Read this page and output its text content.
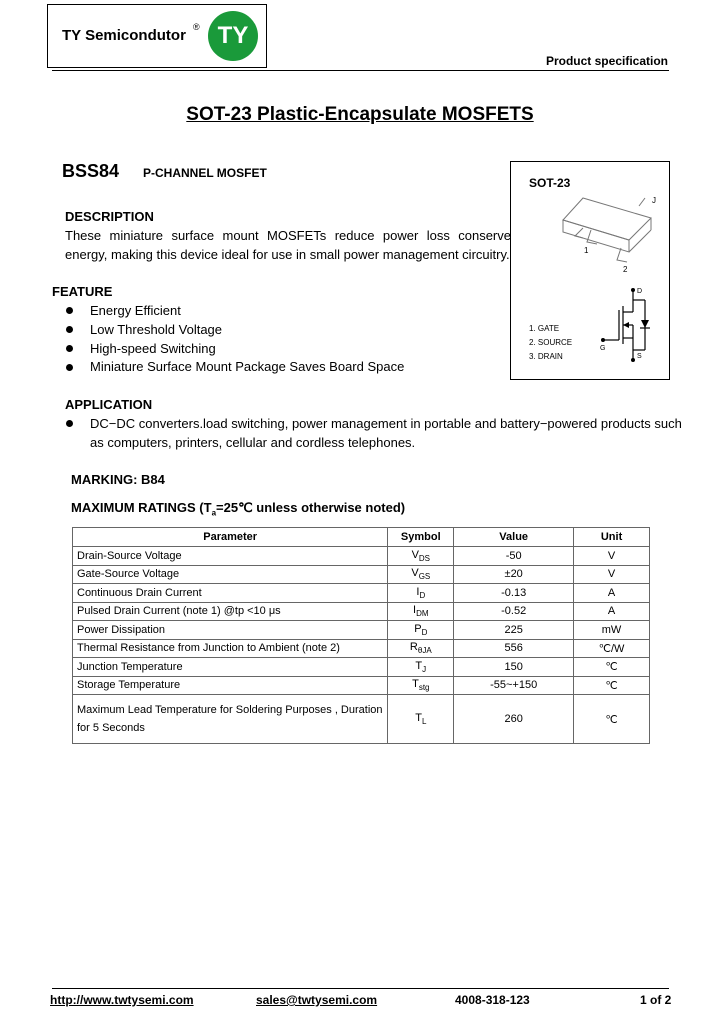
TY Semicondutor ® TY
Product specification
SOT-23 Plastic-Encapsulate MOSFETS
BSS84 P-CHANNEL MOSFET
SOT-23
J
1
2
D
G
S
1. GATE
2. SOURCE
3. DRAIN
DESCRIPTION
These  miniature  surface  mount  MOSFETs  reduce  power  loss  conserve
energy, making this device ideal for use in small power management circuitry.
FEATURE
Energy Efficient
Low Threshold Voltage
High-speed Switching
Miniature Surface Mount Package Saves Board Space
APPLICATION
DC−DC converters.load switching, power management in portable and battery−powered products such
as computers, printers, cellular and cordless telephones.
MARKING: B84
MAXIMUM RATINGS ($T_a=25℃$ unless otherwise noted)
Parameter	Symbol	Value	Unit
Drain-Source Voltage	$V_{DS}$	-50	V
Gate-Source Voltage	$V_{GS}$	±20	V
Continuous Drain Current	$I_D$	-0.13	A
Pulsed Drain Current (note 1) @tp <10 μs	$I_{DM}$	-0.52	A
Power Dissipation	$P_D$	225	mW
Thermal Resistance from Junction to Ambient (note 2)	$R_{\theta JA}$	556	℃/W
Junction Temperature	$T_J$	150	℃
Storage Temperature	$T_{stg}$	-55~+150	℃
Maximum Lead Temperature for Soldering Purposes , Duration for 5 Seconds	$T_L$	260	℃
http://www.twtysemi.com	sales@twtysemi.com	4008-318-123	1 of 2
